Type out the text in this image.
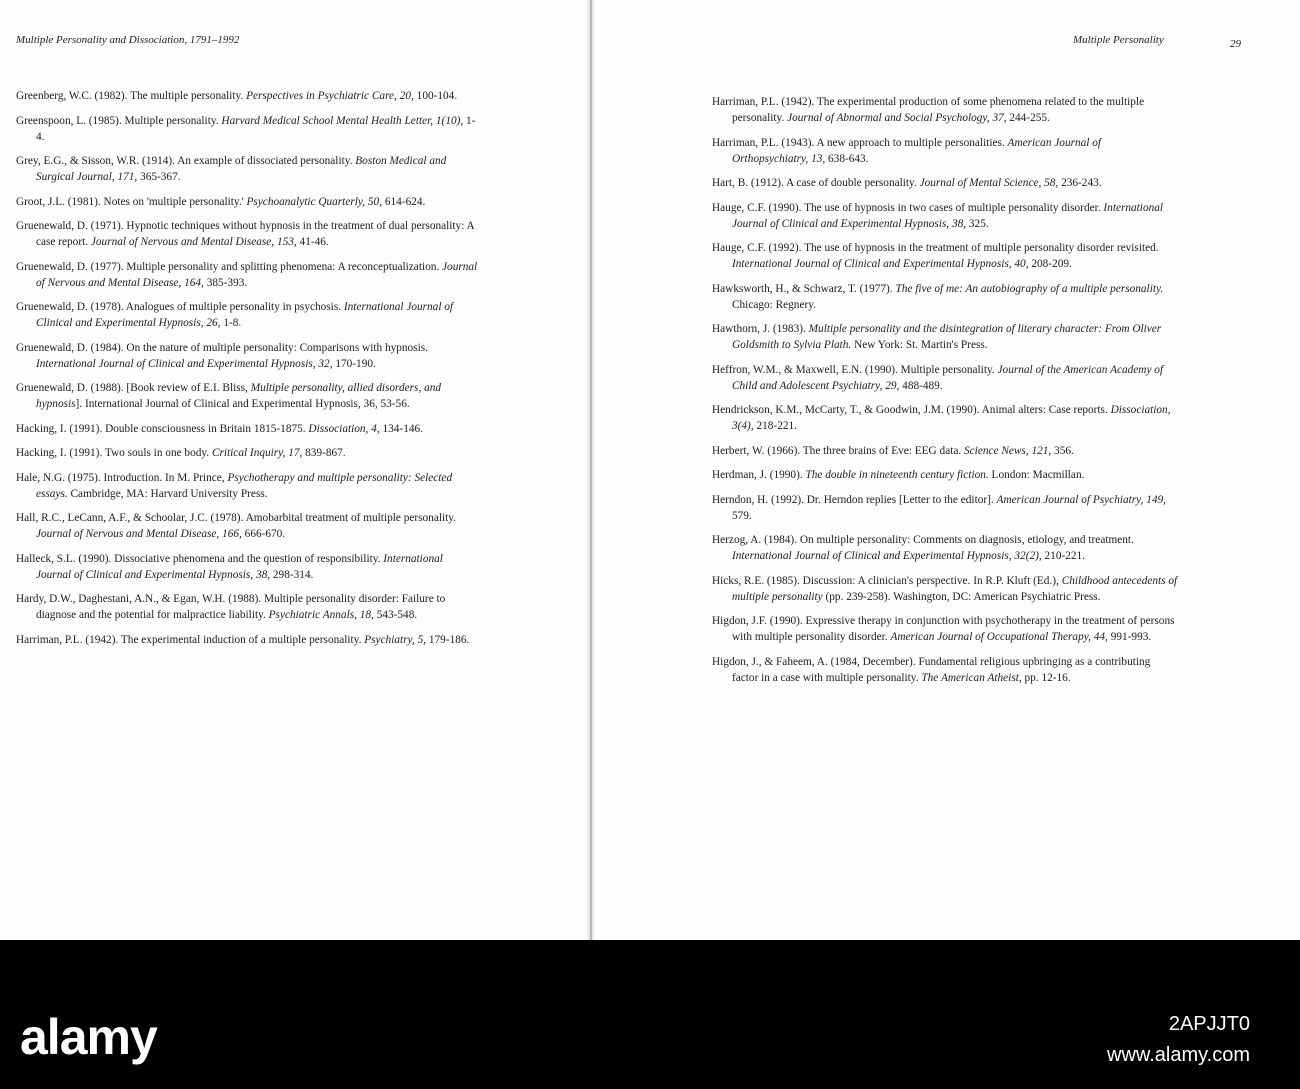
Multiple Personality and Dissociation, 1791–1992

Greenberg, W.C. (1982). The multiple personality. Perspectives in Psychiatric Care, 20, 100-104.

Greenspoon, L. (1985). Multiple personality. Harvard Medical School Mental Health Letter, 1(10), 1-4.

Grey, E.G., & Sisson, W.R. (1914). An example of dissociated personality. Boston Medical and Surgical Journal, 171, 365-367.

Groot, J.L. (1981). Notes on 'multiple personality.' Psychoanalytic Quarterly, 50, 614-624.

Gruenewald, D. (1971). Hypnotic techniques without hypnosis in the treatment of dual personality: A case report. Journal of Nervous and Mental Disease, 153, 41-46.

Gruenewald, D. (1977). Multiple personality and splitting phenomena: A reconceptualization. Journal of Nervous and Mental Disease, 164, 385-393.

Gruenewald, D. (1978). Analogues of multiple personality in psychosis. International Journal of Clinical and Experimental Hypnosis, 26, 1-8.

Gruenewald, D. (1984). On the nature of multiple personality: Comparisons with hypnosis. International Journal of Clinical and Experimental Hypnosis, 32, 170-190.

Gruenewald, D. (1988). [Book review of E.I. Bliss, Multiple personality, allied disorders, and hypnosis]. International Journal of Clinical and Experimental Hypnosis, 36, 53-56.

Hacking, I. (1991). Double consciousness in Britain 1815-1875. Dissociation, 4, 134-146.

Hacking, I. (1991). Two souls in one body. Critical Inquiry, 17, 839-867.

Hale, N.G. (1975). Introduction. In M. Prince, Psychotherapy and multiple personality: Selected essays. Cambridge, MA: Harvard University Press.

Hall, R.C., LeCann, A.F., & Schoolar, J.C. (1978). Amobarbital treatment of multiple personality. Journal of Nervous and Mental Disease, 166, 666-670.

Halleck, S.L. (1990). Dissociative phenomena and the question of responsibility. International Journal of Clinical and Experimental Hypnosis, 38, 298-314.

Hardy, D.W., Daghestani, A.N., & Egan, W.H. (1988). Multiple personality disorder: Failure to diagnose and the potential for malpractice liability. Psychiatric Annals, 18, 543-548.

Harriman, P.L. (1942). The experimental induction of a multiple personality. Psychiatry, 5, 179-186.

Multiple Personality	29

Harriman, P.L. (1942). The experimental production of some phenomena related to the multiple personality. Journal of Abnormal and Social Psychology, 37, 244-255.

Harriman, P.L. (1943). A new approach to multiple personalities. American Journal of Orthopsychiatry, 13, 638-643.

Hart, B. (1912). A case of double personality. Journal of Mental Science, 58, 236-243.

Hauge, C.F. (1990). The use of hypnosis in two cases of multiple personality disorder. International Journal of Clinical and Experimental Hypnosis, 38, 325.

Hauge, C.F. (1992). The use of hypnosis in the treatment of multiple personality disorder revisited. International Journal of Clinical and Experimental Hypnosis, 40, 208-209.

Hawksworth, H., & Schwarz, T. (1977). The five of me: An autobiography of a multiple personality. Chicago: Regnery.

Hawthorn, J. (1983). Multiple personality and the disintegration of literary character: From Oliver Goldsmith to Sylvia Plath. New York: St. Martin's Press.

Heffron, W.M., & Maxwell, E.N. (1990). Multiple personality. Journal of the American Academy of Child and Adolescent Psychiatry, 29, 488-489.

Hendrickson, K.M., McCarty, T., & Goodwin, J.M. (1990). Animal alters: Case reports. Dissociation, 3(4), 218-221.

Herbert, W. (1966). The three brains of Eve: EEG data. Science News, 121, 356.

Herdman, J. (1990). The double in nineteenth century fiction. London: Macmillan.

Herndon, H. (1992). Dr. Herndon replies [Letter to the editor]. American Journal of Psychiatry, 149, 579.

Herzog, A. (1984). On multiple personality: Comments on diagnosis, etiology, and treatment. International Journal of Clinical and Experimental Hypnosis, 32(2), 210-221.

Hicks, R.E. (1985). Discussion: A clinician's perspective. In R.P. Kluft (Ed.), Childhood antecedents of multiple personality (pp. 239-258). Washington, DC: American Psychiatric Press.

Higdon, J.F. (1990). Expressive therapy in conjunction with psychotherapy in the treatment of persons with multiple personality disorder. American Journal of Occupational Therapy, 44, 991-993.

Higdon, J., & Faheem, A. (1984, December). Fundamental religious upbringing as a contributing factor in a case with multiple personality. The American Atheist, pp. 12-16.

alamy	2APJJT0
www.alamy.com
